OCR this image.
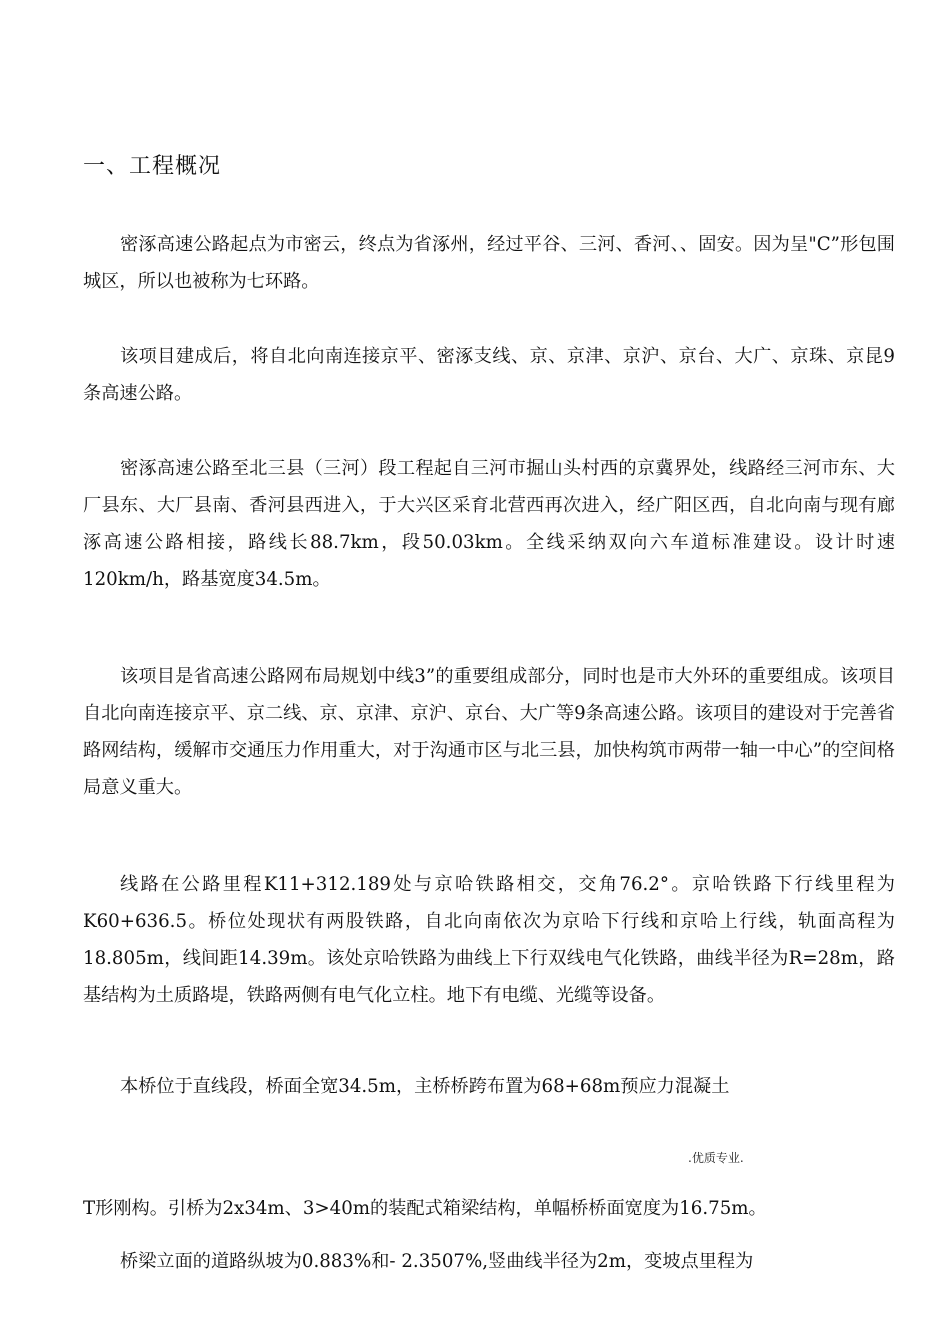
一、工程概况
密涿高速公路起点为市密云，终点为省涿州，经过平谷、三河、香河、、固安。因为呈"C”形包围城区，所以也被称为七环路。
该项目建成后，将自北向南连接京平、密涿支线、京、京津、京沪、京台、大广、京珠、京昆9条高速公路。
密涿高速公路至北三县（三河）段工程起自三河市掘山头村西的京冀界处，线路经三河市东、大厂县东、大厂县南、香河县西进入，于大兴区采育北营西再次进入，经广阳区西，自北向南与现有廊涿高速公路相接，路线长88.7km，段50.03km。全线采纳双向六车道标准建设。设计时速120km/h，路基宽度34.5m。
该项目是省高速公路网布局规划中线3”的重要组成部分，同时也是市大外环的重要组成。该项目自北向南连接京平、京二线、京、京津、京沪、京台、大广等9条高速公路。该项目的建设对于完善省路网结构，缓解市交通压力作用重大，对于沟通市区与北三县，加快构筑市两带一轴一中心”的空间格局意义重大。
线路在公路里程K11+312.189处与京哈铁路相交，交角76.2°。京哈铁路下行线里程为K60+636.5。桥位处现状有两股铁路，自北向南依次为京哈下行线和京哈上行线，轨面高程为18.805m，线间距14.39m。该处京哈铁路为曲线上下行双线电气化铁路，曲线半径为R=28m，路基结构为土质路堤，铁路两侧有电气化立柱。地下有电缆、光缆等设备。
本桥位于直线段，桥面全宽34.5m，主桥桥跨布置为68+68m预应力混凝土
.优质专业.
T形刚构。引桥为2x34m、3>40m的装配式箱梁结构，单幅桥桥面宽度为16.75m。
桥梁立面的道路纵坡为0.883%和- 2.3507%,竖曲线半径为2m，变坡点里程为
